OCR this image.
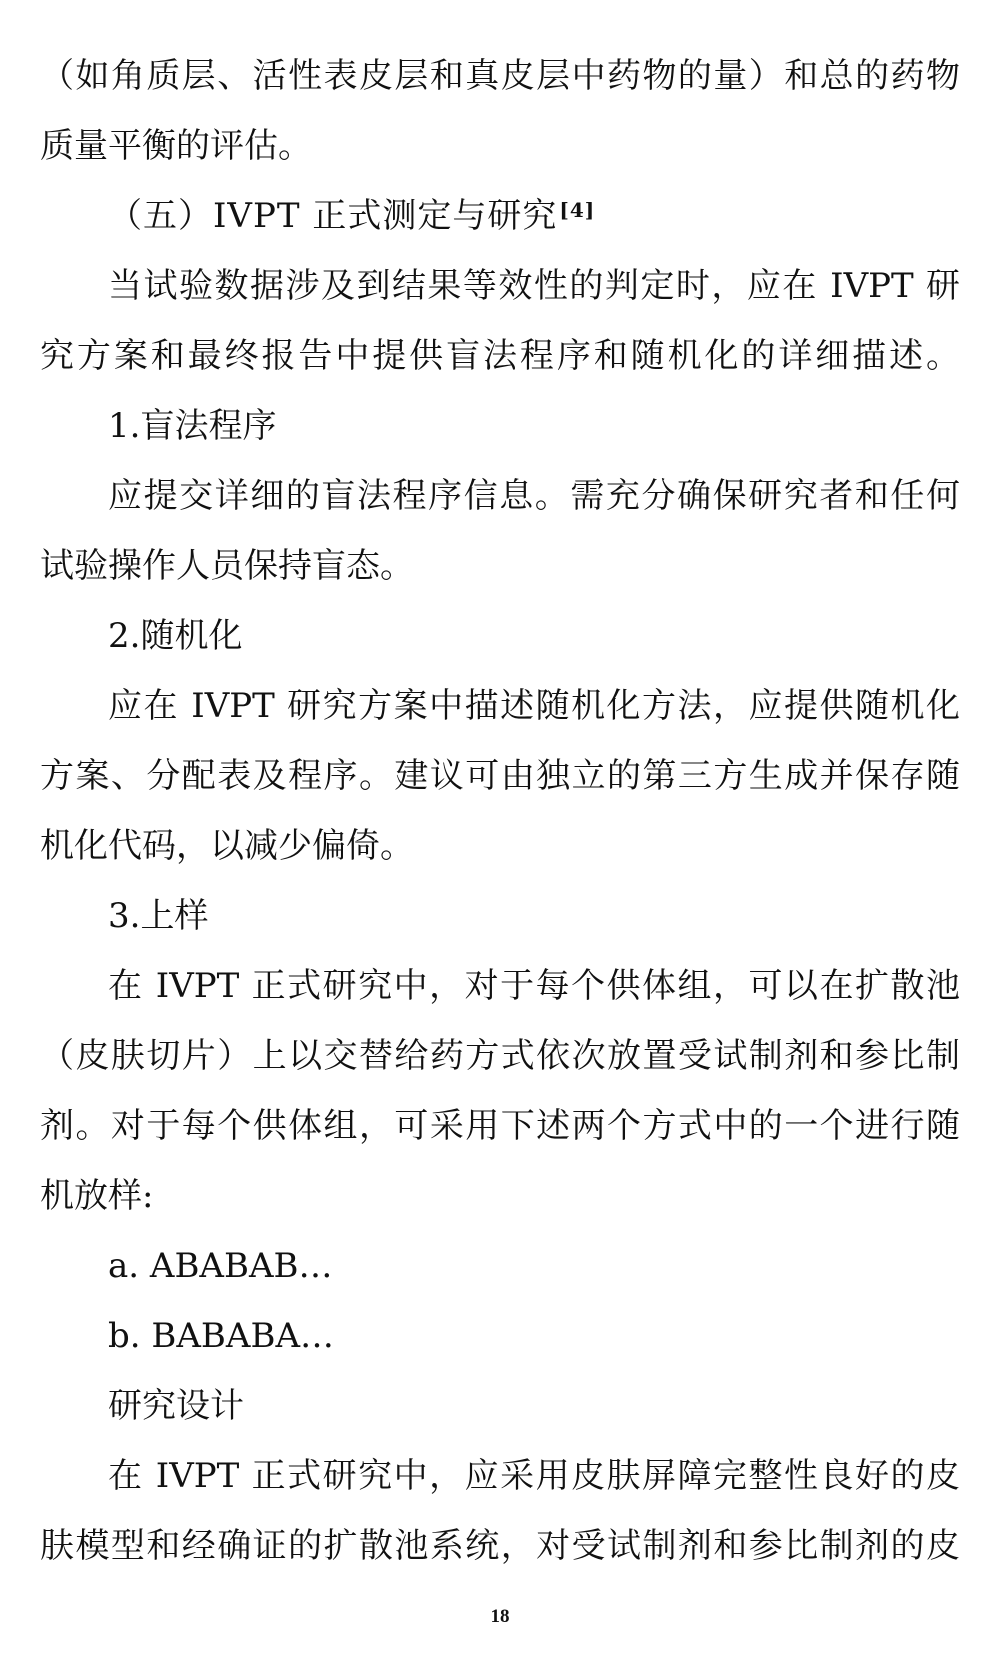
（如角质层、活性表皮层和真皮层中药物的量）和总的药物
质量平衡的评估。
（五）IVPT 正式测定与研究 [4]
当试验数据涉及到结果等效性的判定时，应在 IVPT 研
究方案和最终报告中提供盲法程序和随机化的详细描述。
1.盲法程序
应提交详细的盲法程序信息。需充分确保研究者和任何
试验操作人员保持盲态。
2.随机化
应在 IVPT 研究方案中描述随机化方法，应提供随机化
方案、分配表及程序。建议可由独立的第三方生成并保存随
机化代码，以减少偏倚。
3.上样
在 IVPT 正式研究中，对于每个供体组，可以在扩散池
（皮肤切片）上以交替给药方式依次放置受试制剂和参比制
剂。对于每个供体组，可采用下述两个方式中的一个进行随
机放样:
a. ABABAB…
b. BABABA…
研究设计
在 IVPT 正式研究中，应采用皮肤屏障完整性良好的皮
肤模型和经确证的扩散池系统，对受试制剂和参比制剂的皮
18
